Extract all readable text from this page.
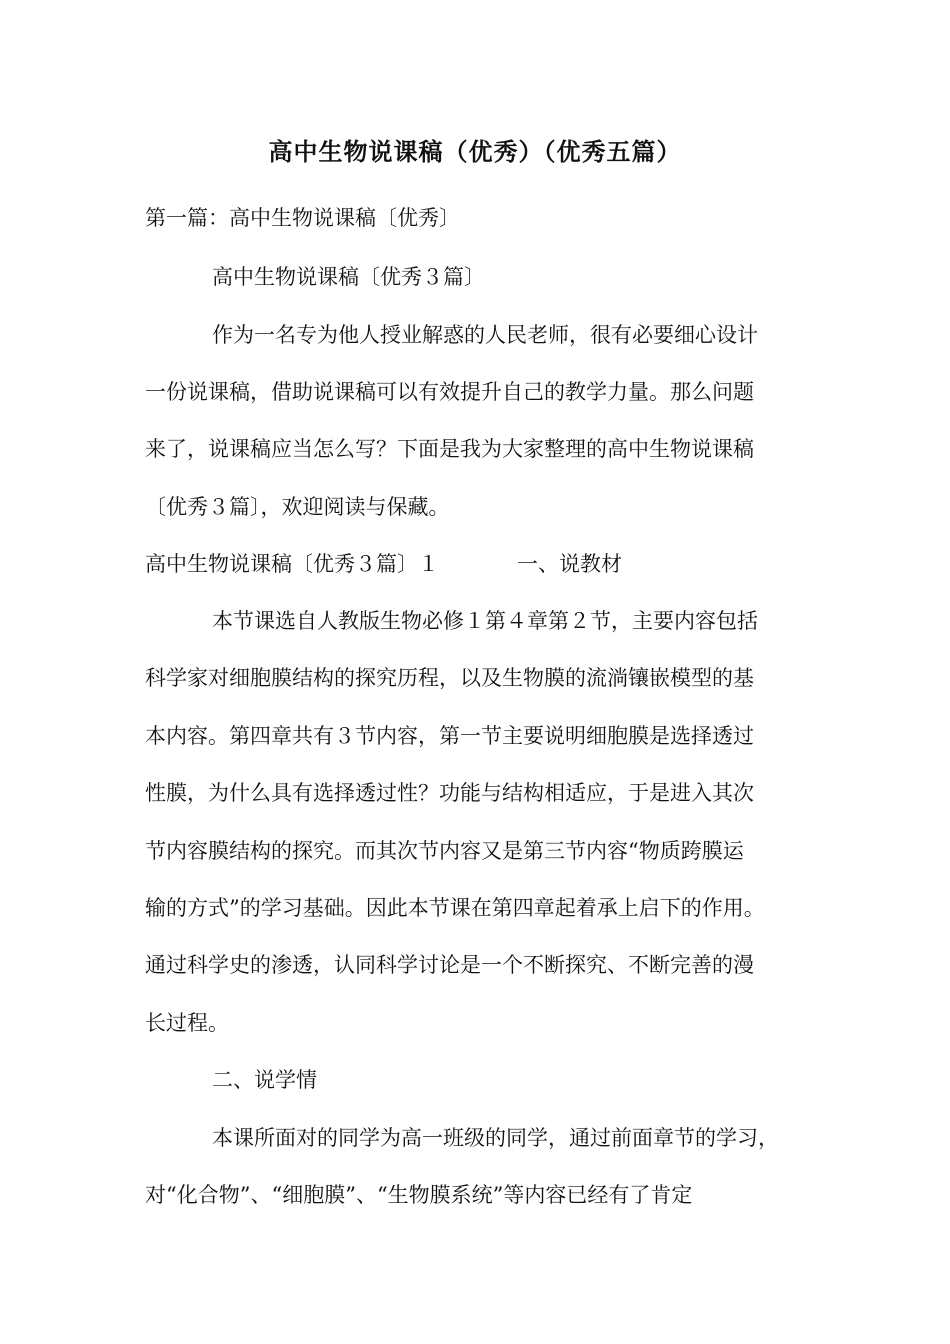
高中生物说课稿（优秀）（优秀五篇）
第一篇：高中生物说课稿〔优秀〕
高中生物说课稿〔优秀３篇〕
作为一名专为他人授业解惑的人民老师，很有必要细心设计
一份说课稿，借助说课稿可以有效提升自己的教学力量。那么问题
来了，说课稿应当怎么写？下面是我为大家整理的高中生物说课稿
〔优秀３篇〕，欢迎阅读与保藏。
高中生物说课稿〔优秀３篇〕１	一、说教材
本节课选自人教版生物必修１第４章第２节，主要内容包括
科学家对细胞膜结构的探究历程，以及生物膜的流淌镶嵌模型的基
本内容。第四章共有３节内容，第一节主要说明细胞膜是选择透过
性膜，为什么具有选择透过性？功能与结构相适应，于是进入其次
节内容膜结构的探究。而其次节内容又是第三节内容“物质跨膜运
输的方式”的学习基础。因此本节课在第四章起着承上启下的作用。
通过科学史的渗透，认同科学讨论是一个不断探究、不断完善的漫
长过程。
二、说学情
本课所面对的同学为高一班级的同学，通过前面章节的学习，
对“化合物”、“细胞膜”、“生物膜系统”等内容已经有了肯定
